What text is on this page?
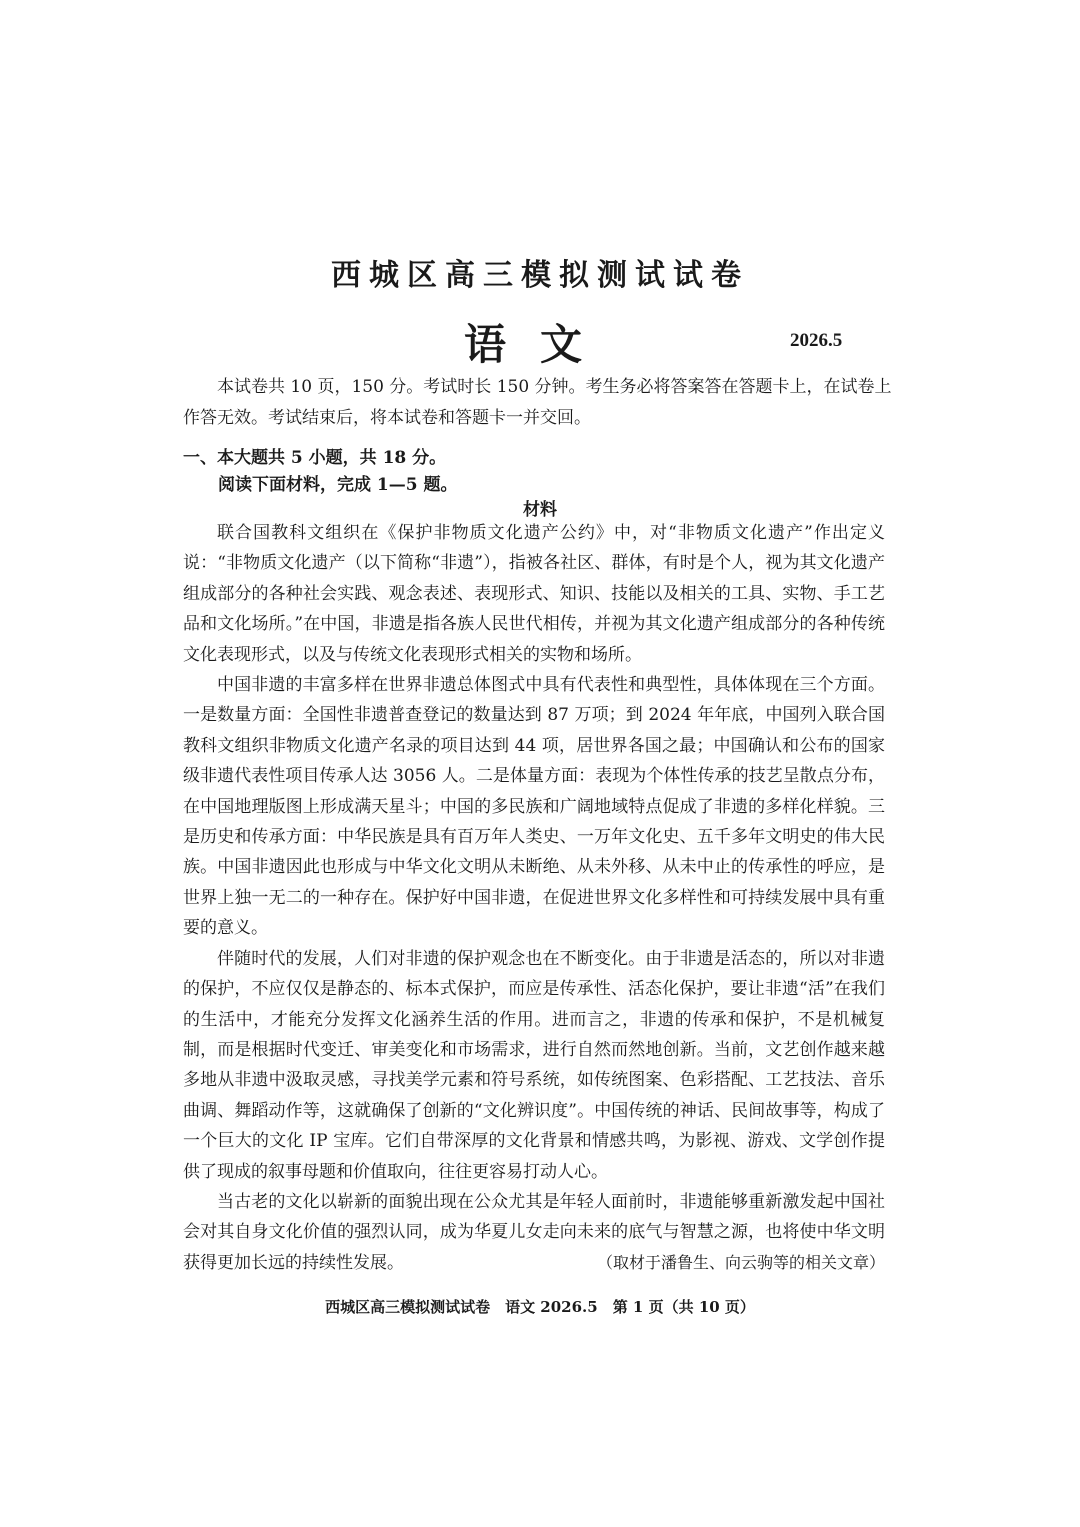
西城区高三模拟测试试卷
语文	2026.5

本试卷共 10 页，150 分。考试时长 150 分钟。考生务必将答案答在答题卡上，在试卷上作答无效。考试结束后，将本试卷和答题卡一并交回。

一、本大题共 5 小题，共 18 分。

阅读下面材料，完成 1—5 题。

材料

联合国教科文组织在《保护非物质文化遗产公约》中，对“非物质文化遗产”作出定义说：“非物质文化遗产（以下简称“非遗”），指被各社区、群体，有时是个人，视为其文化遗产组成部分的各种社会实践、观念表述、表现形式、知识、技能以及相关的工具、实物、手工艺品和文化场所。”在中国，非遗是指各族人民世代相传，并视为其文化遗产组成部分的各种传统文化表现形式，以及与传统文化表现形式相关的实物和场所。

中国非遗的丰富多样在世界非遗总体图式中具有代表性和典型性，具体体现在三个方面。一是数量方面：全国性非遗普查登记的数量达到 87 万项；到 2024 年年底，中国列入联合国教科文组织非物质文化遗产名录的项目达到 44 项，居世界各国之最；中国确认和公布的国家级非遗代表性项目传承人达 3056 人。二是体量方面：表现为个体性传承的技艺呈散点分布，在中国地理版图上形成满天星斗；中国的多民族和广阔地域特点促成了非遗的多样化样貌。三是历史和传承方面：中华民族是具有百万年人类史、一万年文化史、五千多年文明史的伟大民族。中国非遗因此也形成与中华文化文明从未断绝、从未外移、从未中止的传承性的呼应，是世界上独一无二的一种存在。保护好中国非遗，在促进世界文化多样性和可持续发展中具有重要的意义。

伴随时代的发展，人们对非遗的保护观念也在不断变化。由于非遗是活态的，所以对非遗的保护，不应仅仅是静态的、标本式保护，而应是传承性、活态化保护，要让非遗“活”在我们的生活中，才能充分发挥文化涵养生活的作用。进而言之，非遗的传承和保护，不是机械复制，而是根据时代变迁、审美变化和市场需求，进行自然而然地创新。当前，文艺创作越来越多地从非遗中汲取灵感，寻找美学元素和符号系统，如传统图案、色彩搭配、工艺技法、音乐曲调、舞蹈动作等，这就确保了创新的“文化辨识度”。中国传统的神话、民间故事等，构成了一个巨大的文化 IP 宝库。它们自带深厚的文化背景和情感共鸣，为影视、游戏、文学创作提供了现成的叙事母题和价值取向，往往更容易打动人心。

当古老的文化以崭新的面貌出现在公众尤其是年轻人面前时，非遗能够重新激发起中国社会对其自身文化价值的强烈认同，成为华夏儿女走向未来的底气与智慧之源，也将使中华文明获得更加长远的持续性发展。	（取材于潘鲁生、向云驹等的相关文章）

西城区高三模拟测试试卷　语文 2026.5　第 1 页（共 10 页）
